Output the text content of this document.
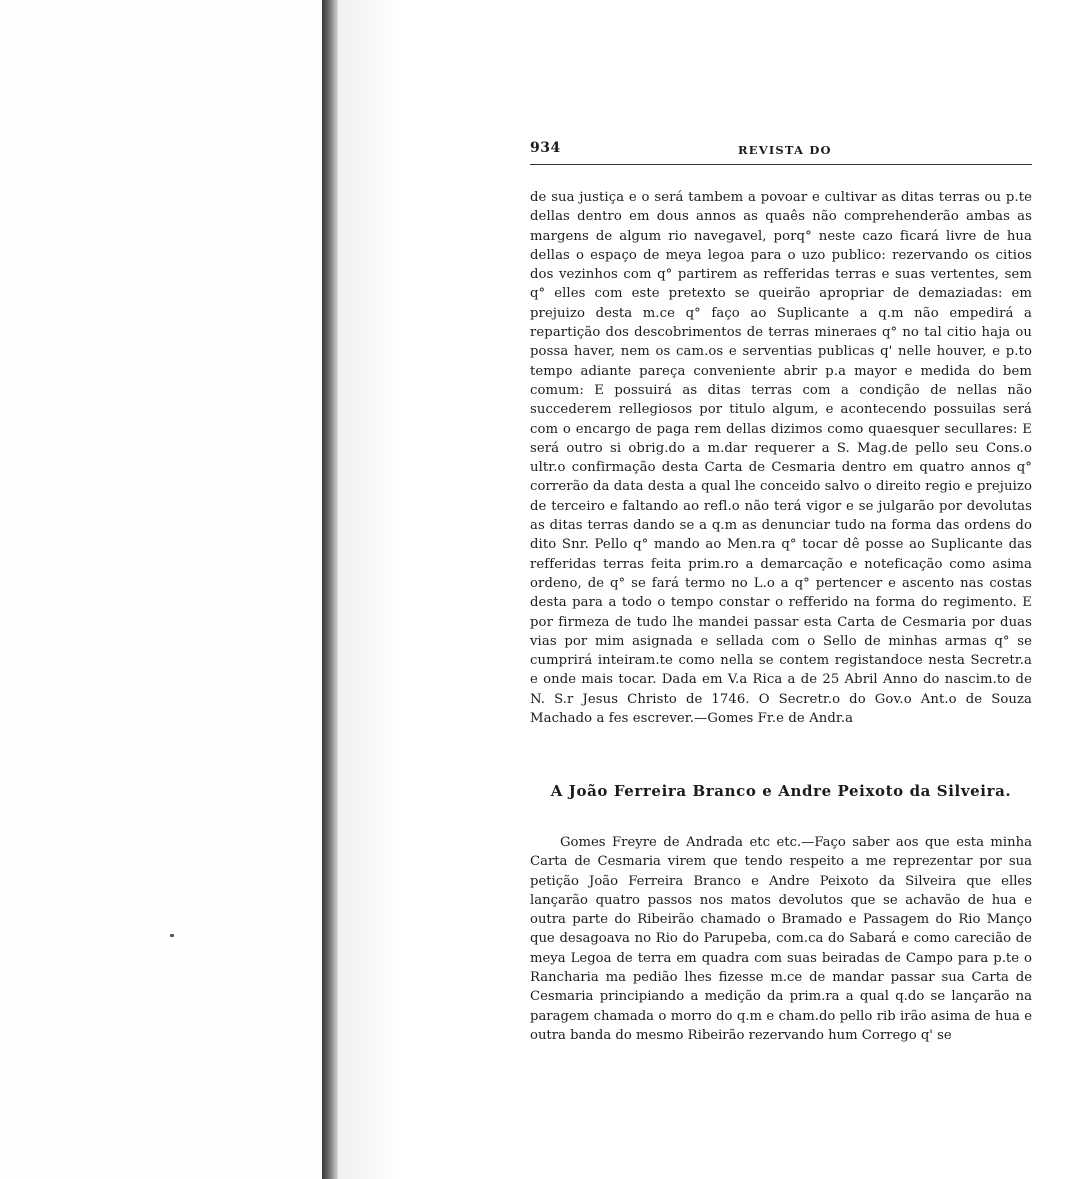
934	REVISTA DO

de sua justiça e o será tambem a povoar e cultivar as ditas terras ou p.te dellas dentro em dous annos as quaês não comprehenderão ambas as margens de algum rio navegavel, porq° neste cazo ficará livre de hua dellas o espaço de meya legoa para o uzo publico: rezervando os citios dos vezinhos com q° partirem as refferidas terras e suas vertentes, sem q° elles com este pretexto se queirão apropriar de demaziadas: em prejuizo desta m.ce q° faço ao Suplicante a q.m não empedirá a repartição dos descobrimentos de terras mineraes q° no tal citio haja ou possa haver, nem os cam.os e serventias publicas q' nelle houver, e p.to tempo adiante pareça conveniente abrir p.a mayor e medida do bem comum: E possuirá as ditas terras com a condição de nellas não succederem rellegiosos por titulo algum, e acontecendo possuilas será com o encargo de paga rem dellas dizimos como quaesquer secullares: E será outro si obrig.do a m.dar requerer a S. Mag.de pello seu Cons.o ultr.o confirmação desta Carta de Cesmaria dentro em quatro annos q° correrão da data desta a qual lhe conceido salvo o direito regio e prejuizo de terceiro e faltando ao refl.o não terá vigor e se julgarão por devolutas as ditas terras dando se a q.m as denunciar tudo na forma das ordens do dito Snr. Pello q° mando ao Men.ra q° tocar dê posse ao Suplicante das refferidas terras feita prim.ro a demarcação e noteficação como asima ordeno, de q° se fará termo no L.o a q° pertencer e ascento nas costas desta para a todo o tempo constar o refferido na forma do regimento. E por firmeza de tudo lhe mandei passar esta Carta de Cesmaria por duas vias por mim asignada e sellada com o Sello de minhas armas q° se cumprirá inteiram.te como nella se contem registandoce nesta Secretr.a e onde mais tocar. Dada em V.a Rica a de 25 Abril Anno do nascim.to de N. S.r Jesus Christo de 1746. O Secretr.o do Gov.o Ant.o de Souza Machado a fes escrever.—Gomes Fr.e de Andr.a

A João Ferreira Branco e Andre Peixoto da Silveira.

Gomes Freyre de Andrada etc etc.—Faço saber aos que esta minha Carta de Cesmaria virem que tendo respeito a me reprezentar por sua petição João Ferreira Branco e Andre Peixoto da Silveira que elles lançarão quatro passos nos matos devolutos que se achavão de hua e outra parte do Ribeirão chamado o Bramado e Passagem do Rio Manço que desagoava no Rio do Parupeba, com.ca do Sabará e como carecião de meya Legoa de terra em quadra com suas beiradas de Campo para p.te o Rancharia ma pedião lhes fizesse m.ce de mandar passar sua Carta de Cesmaria principiando a medição da prim.ra a qual q.do se lançarão na paragem chamada o morro do q.m e cham.do pello rib irão asima de hua e outra banda do mesmo Ribeirão rezervando hum Corrego q' se
